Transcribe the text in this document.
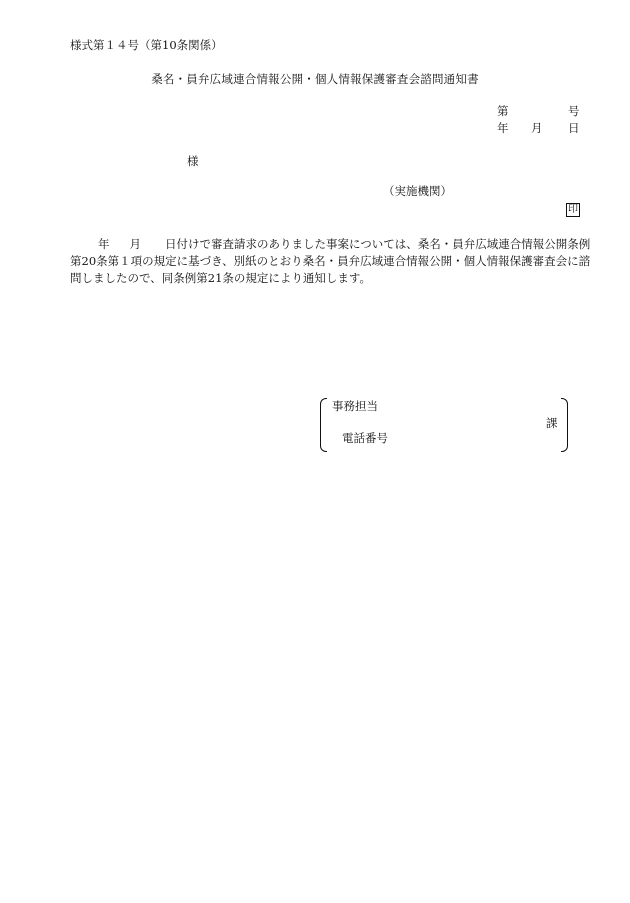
様式第１４号（第10条関係）
桑名・員弁広域連合情報公開・個人情報保護審査会諮問通知書
第	号
年 月 日
様
（実施機関）
印
年 月 日付けで審査請求のありました事案については、桑名・員弁広域連合情報公開条例
第20条第１項の規定に基づき、別紙のとおり桑名・員弁広域連合情報公開・個人情報保護審査会に諮
問しましたので、同条例第21条の規定により通知します。
事務担当
課
電話番号
